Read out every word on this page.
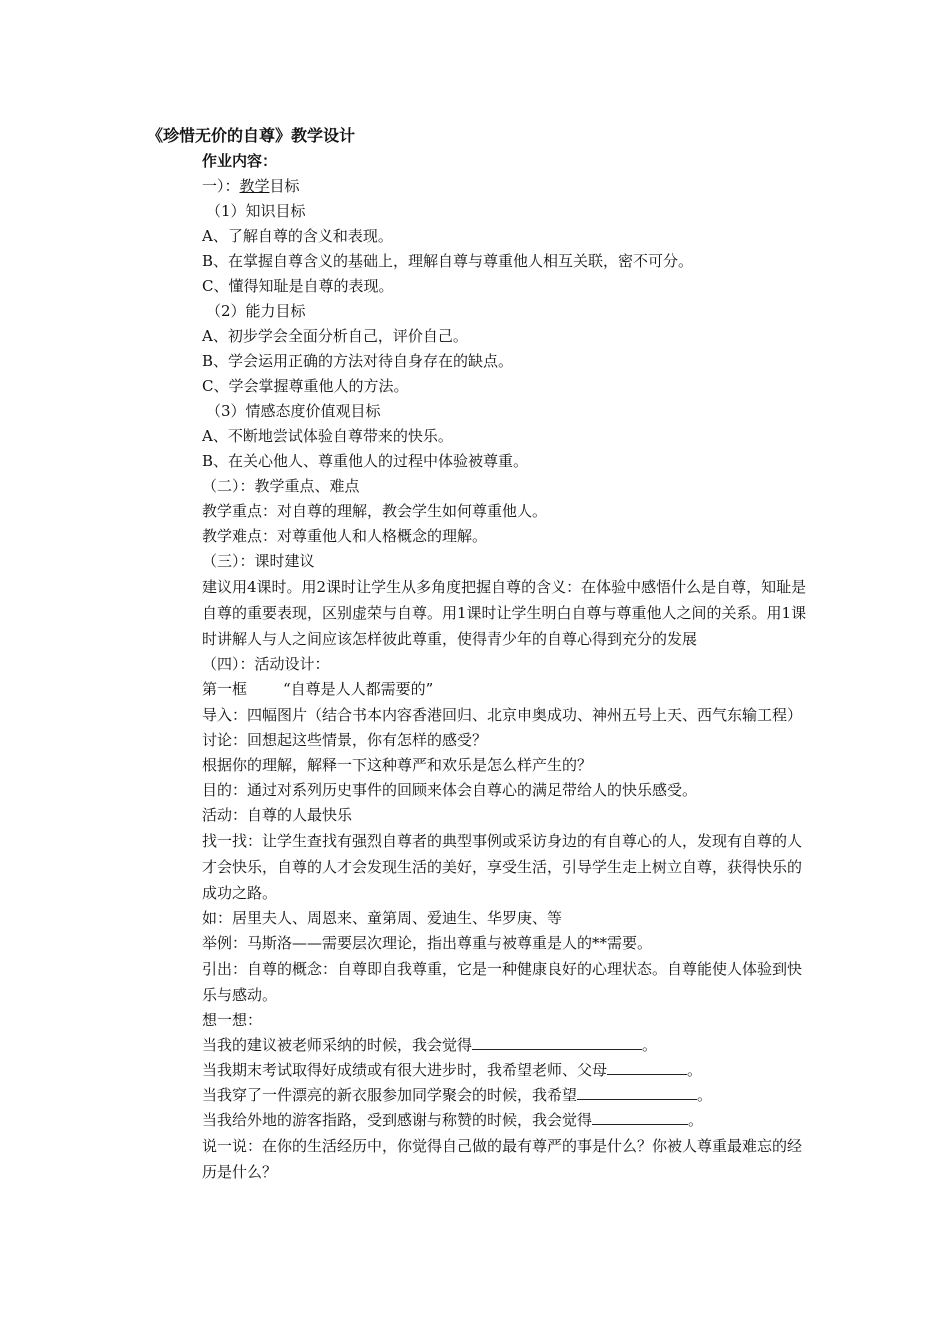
《珍惜无价的自尊》教学设计
作业内容：
一）：教学目标
（1）知识目标
A、了解自尊的含义和表现。
B、在掌握自尊含义的基础上，理解自尊与尊重他人相互关联，密不可分。
C、懂得知耻是自尊的表现。
（2）能力目标
A、初步学会全面分析自己，评价自己。
B、学会运用正确的方法对待自身存在的缺点。
C、学会掌握尊重他人的方法。
（3）情感态度价值观目标
A、不断地尝试体验自尊带来的快乐。
B、在关心他人、尊重他人的过程中体验被尊重。
（二）：教学重点、难点
教学重点：对自尊的理解，教会学生如何尊重他人。
教学难点：对尊重他人和人格概念的理解。
（三）：课时建议
建议用4课时。用2课时让学生从多角度把握自尊的含义：在体验中感悟什么是自尊，知耻是自尊的重要表现，区别虚荣与自尊。用1课时让学生明白自尊与尊重他人之间的关系。用1课时讲解人与人之间应该怎样彼此尊重，使得青少年的自尊心得到充分的发展
（四）：活动设计：
第一框 “自尊是人人都需要的”
导入：四幅图片（结合书本内容香港回归、北京申奥成功、神州五号上天、西气东输工程）
讨论：回想起这些情景，你有怎样的感受？
根据你的理解，解释一下这种尊严和欢乐是怎么样产生的？
目的：通过对系列历史事件的回顾来体会自尊心的满足带给人的快乐感受。
活动：自尊的人最快乐
找一找：让学生查找有强烈自尊者的典型事例或采访身边的有自尊心的人，发现有自尊的人才会快乐，自尊的人才会发现生活的美好，享受生活，引导学生走上树立自尊，获得快乐的成功之路。
如：居里夫人、周恩来、童第周、爱迪生、华罗庚、等
举例：马斯洛——需要层次理论，指出尊重与被尊重是人的**需要。
引出：自尊的概念：自尊即自我尊重，它是一种健康良好的心理状态。自尊能使人体验到快乐与感动。
想一想：
当我的建议被老师采纳的时候，我会觉得	。
当我期末考试取得好成绩或有很大进步时，我希望老师、父母	。
当我穿了一件漂亮的新衣服参加同学聚会的时候，我希望	。
当我给外地的游客指路，受到感谢与称赞的时候，我会觉得	。
说一说：在你的生活经历中，你觉得自己做的最有尊严的事是什么？你被人尊重最难忘的经历是什么？
